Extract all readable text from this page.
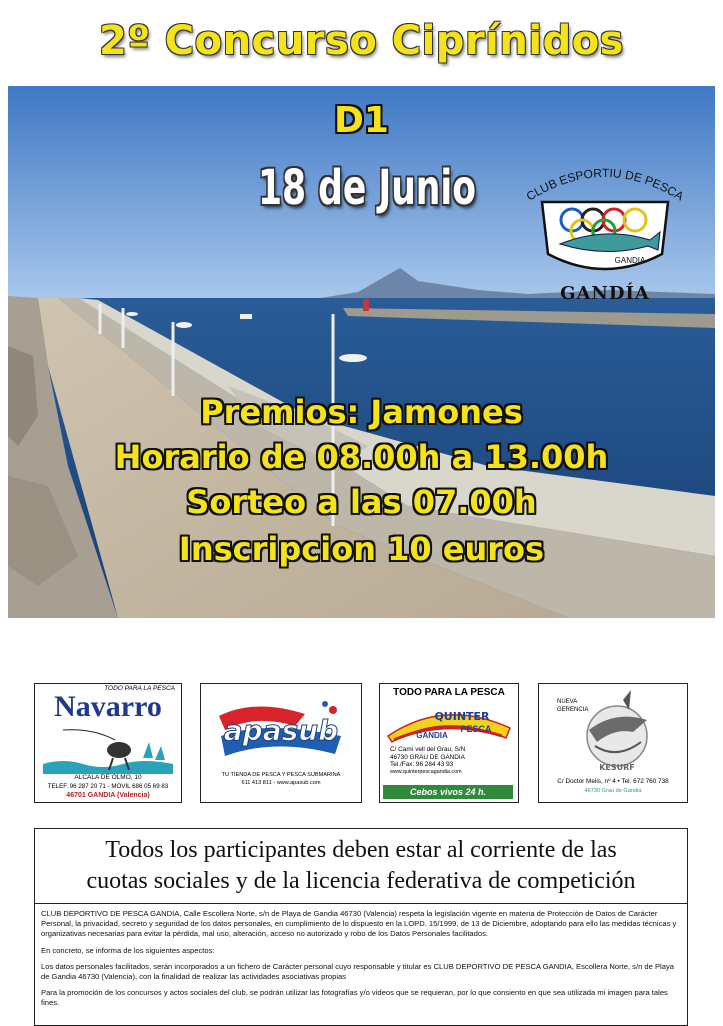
2º Concurso Ciprínidos
D1
18 de Junio	CLUB ESPORTIU DE PESCA
GANDIA
GANDÍA
Premios: Jamones
Horario de 08.00h a 13.00h
Sorteo a las 07.00h
Inscripcion 10 euros
TODO PARA LA PESCA
Navarro
ALCALA DE OLMO, 10
TELEF. 96 287 20 71 - MOVIL 686 05 69 83
46701 GANDIA (Valencia)
apasub
TU TIENDA DE PESCA Y PESCA SUBMARINA
611 413 811 - www.apasub.com
TODO PARA LA PESCA
QUINTER
GANDIA
PESCA
C/ Camí vell del Grau, S/N
46730 GRAU DE GANDIA
Tel./Fax: 96 284 43 93
www.quinterpescagandia.com
Cebos vivos 24 h.
NUEVA
GERENCIA
KESURF
C/ Doctor Melis, nº 4 • Tel. 672 760 738
46730 Grau de Gandia
Todos los participantes deben estar al corriente de las
cuotas sociales y de la licencia federativa de competición

CLUB DEPORTIVO DE PESCA GANDIA, Calle Escollera Norte, s/n de Playa de Gandia 46730 (Valencia) respeta la legislación vigente en materia de Protección de Datos de Carácter Personal, la privacidad, secreto y seguridad de los datos personales, en cumplimiento de lo dispuesto en la LOPD. 15/1999, de 13 de Diciembre, adoptando para ello las medidas técnicas y organizativas necesarias para evitar la pérdida, mal uso, alteración, acceso no autorizado y robo de los Datos Personales facilitados.

En concreto, se informa de los siguientes aspectos:

Los datos personales facilitados, serán incorporados a un fichero de Carácter personal cuyo responsable y titular es CLUB DEPORTIVO DE PESCA GANDIA, Escollera Norte, s/n de Playa de Gandia 46730 (Valencia), con la finalidad de realizar las actividades asociativas propias

Para la promoción de los concursos y actos sociales del club, se podrán utilizar las fotografías y/o videos que se requieran, por lo que consiento en que sea utilizada mi imagen para tales fines.
